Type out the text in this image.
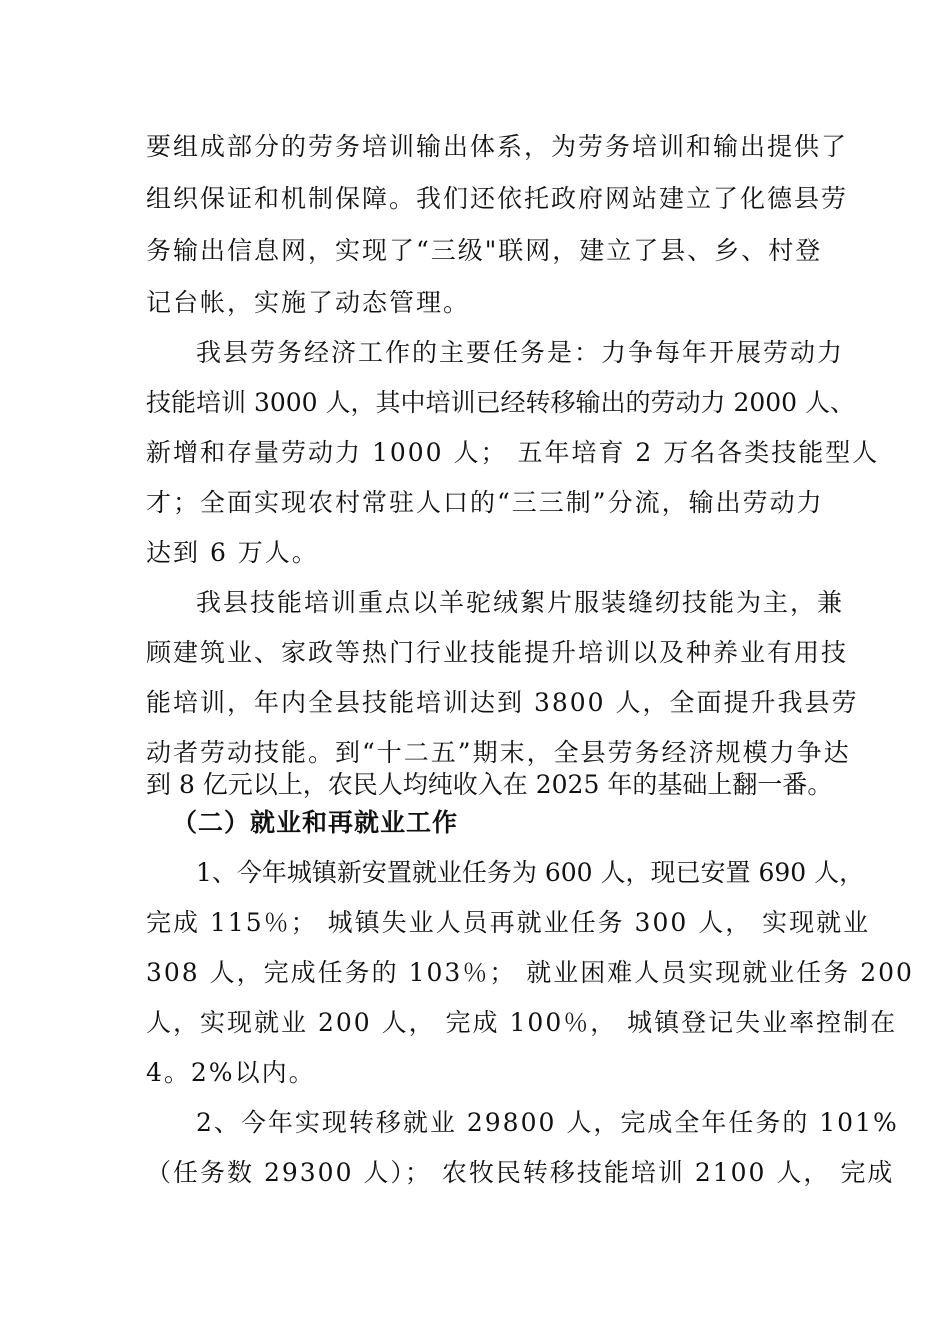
要组成部分的劳务培训输出体系，为劳务培训和输出提供了
组织保证和机制保障。我们还依托政府网站建立了化德县劳
务输出信息网，实现了“三级"联网，建立了县、乡、村登
记台帐，实施了动态管理。
我县劳务经济工作的主要任务是：力争每年开展劳动力
技能培训 3000 人，其中培训已经转移输出的劳动力 2000 人、
新增和存量劳动力 1000 人； 五年培育 2 万名各类技能型人
才；全面实现农村常驻人口的“三三制”分流，输出劳动力
达到 6 万人。
我县技能培训重点以羊驼绒絮片服装缝纫技能为主，兼
顾建筑业、家政等热门行业技能提升培训以及种养业有用技
能培训，年内全县技能培训达到 3800 人，全面提升我县劳
动者劳动技能。到“十二五”期末，全县劳务经济规模力争达
到 8 亿元以上，农民人均纯收入在 2025 年的基础上翻一番。
（二）就业和再就业工作
1、今年城镇新安置就业任务为 600 人，现已安置 690 人，
完成 115％； 城镇失业人员再就业任务 300 人， 实现就业
308 人，完成任务的 103％； 就业困难人员实现就业任务 200
人，实现就业 200 人， 完成 100％， 城镇登记失业率控制在
4。2%以内。
2、今年实现转移就业 29800 人，完成全年任务的 101%
（任务数 29300 人）； 农牧民转移技能培训 2100 人， 完成
